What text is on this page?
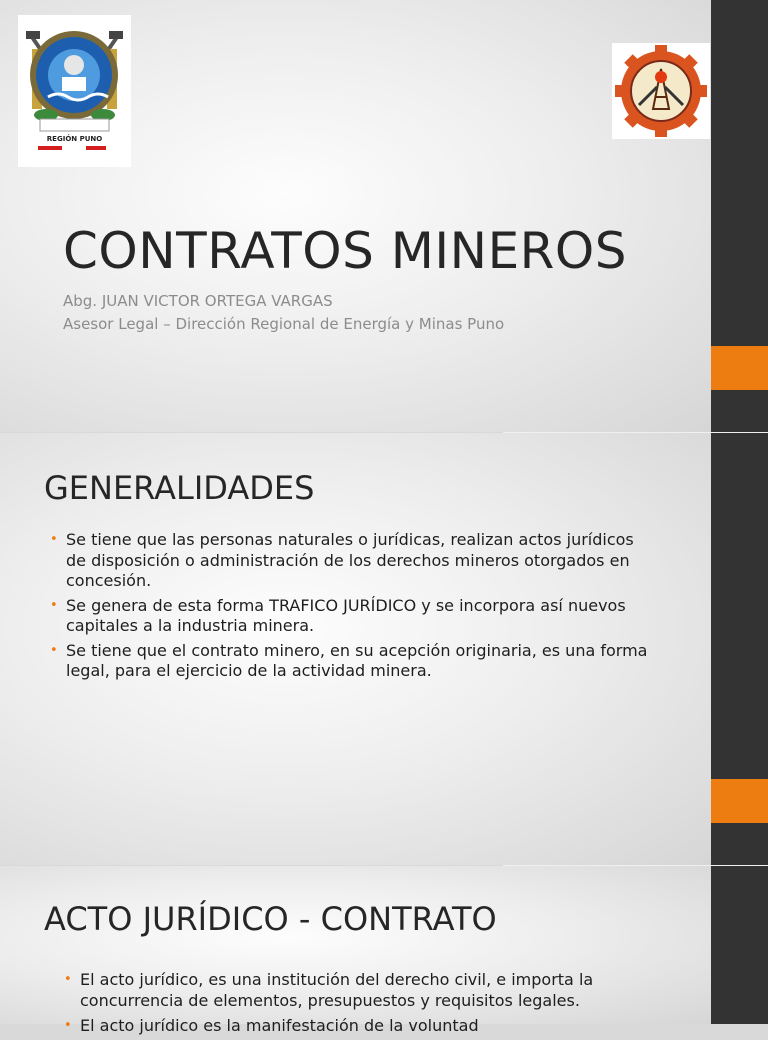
REGIÓN PUNO
CONTRATOS MINEROS
Abg. JUAN VICTOR ORTEGA VARGAS
Asesor Legal – Dirección Regional de Energía y Minas Puno
GENERALIDADES
• Se tiene que las personas naturales o jurídicas, realizan actos jurídicos de disposición o administración de los derechos mineros otorgados en concesión.
• Se genera de esta forma TRAFICO JURÍDICO y se incorpora así nuevos capitales a la industria minera.
• Se tiene que el contrato minero, en su acepción originaria, es una forma legal, para el ejercicio de la actividad minera.
ACTO JURÍDICO - CONTRATO
• El acto jurídico, es una institución del derecho civil, e importa la concurrencia de elementos, presupuestos y requisitos legales.
• El acto jurídico es la manifestación de la voluntad
